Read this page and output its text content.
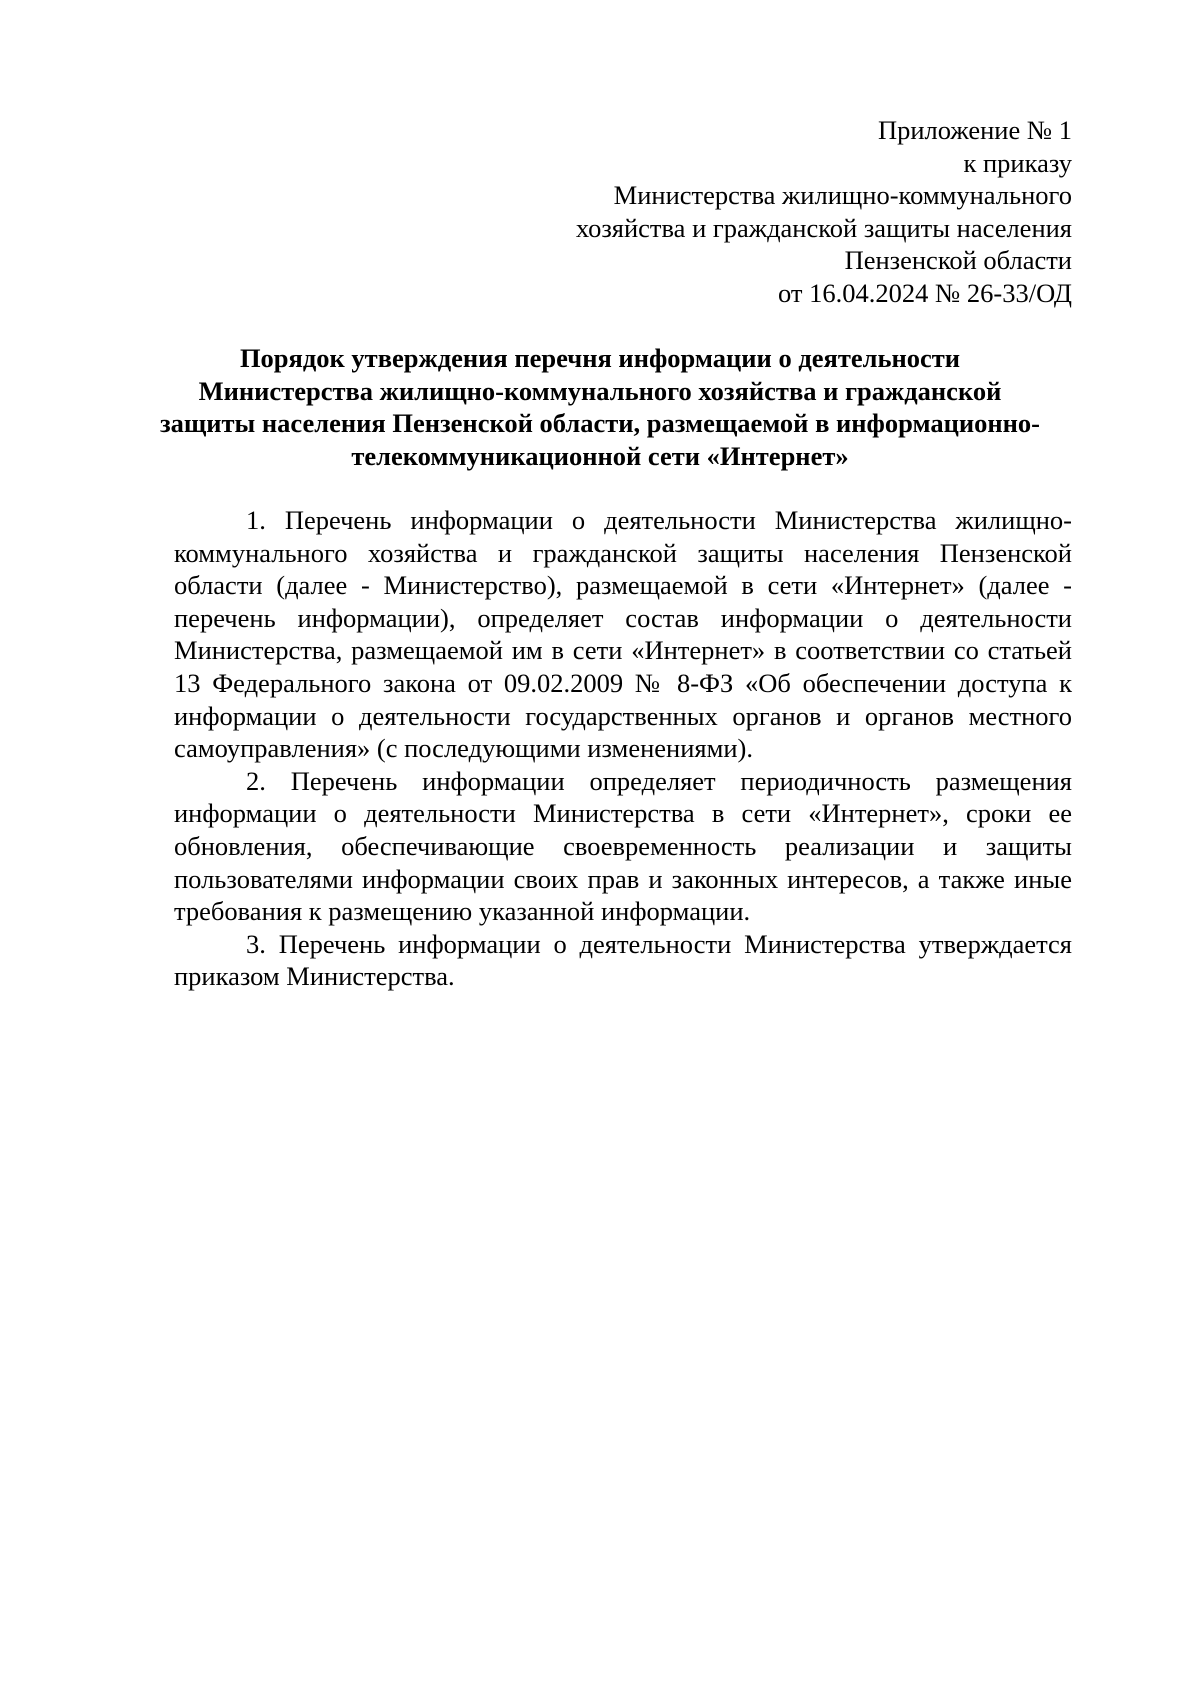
Приложение № 1
к приказу
Министерства жилищно-коммунального
хозяйства и гражданской защиты населения
Пензенской области
от 16.04.2024 № 26-33/ОД
Порядок утверждения перечня информации о деятельности
Министерства жилищно-коммунального хозяйства и гражданской
защиты населения Пензенской области, размещаемой в информационно-
телекоммуникационной сети «Интернет»

1. Перечень информации о деятельности Министерства жилищно-коммунального хозяйства и гражданской защиты населения Пензенской области (далее - Министерство), размещаемой в сети «Интернет» (далее - перечень информации), определяет состав информации о деятельности Министерства, размещаемой им в сети «Интернет» в соответствии со статьей 13 Федерального закона от 09.02.2009 № 8-ФЗ «Об обеспечении доступа к информации о деятельности государственных органов и органов местного самоуправления» (с последующими изменениями).

2. Перечень информации определяет периодичность размещения информации о деятельности Министерства в сети «Интернет», сроки ее обновления, обеспечивающие своевременность реализации и защиты пользователями информации своих прав и законных интересов, а также иные требования к размещению указанной информации.

3. Перечень информации о деятельности Министерства утверждается приказом Министерства.
